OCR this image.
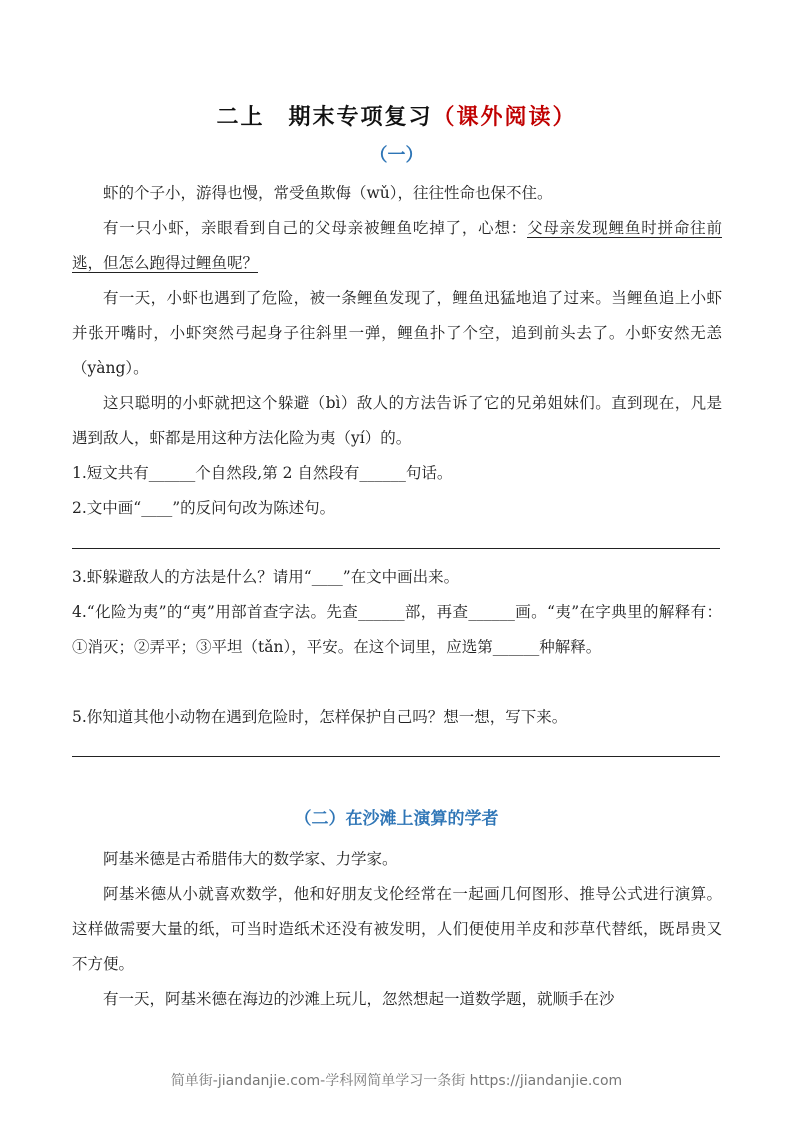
二上　期末专项复习（课外阅读）
（一）
虾的个子小，游得也慢，常受鱼欺侮（wǔ），往往性命也保不住。
有一只小虾，亲眼看到自己的父母亲被鲤鱼吃掉了，心想：父母亲发现鲤鱼时拼命往前逃，但怎么跑得过鲤鱼呢？
有一天，小虾也遇到了危险，被一条鲤鱼发现了，鲤鱼迅猛地追了过来。当鲤鱼追上小虾并张开嘴时，小虾突然弓起身子往斜里一弹，鲤鱼扑了个空，追到前头去了。小虾安然无恙（yàng）。
这只聪明的小虾就把这个躲避（bì）敌人的方法告诉了它的兄弟姐妹们。直到现在，凡是遇到敌人，虾都是用这种方法化险为夷（yí）的。
1.短文共有______个自然段,第 2 自然段有______句话。
2.文中画“____”的反问句改为陈述句。
3.虾躲避敌人的方法是什么？请用“____”在文中画出来。
4.“化险为夷”的“夷”用部首查字法。先查______部，再查______画。“夷”在字典里的解释有：①消灭；②弄平；③平坦（tǎn），平安。在这个词里，应选第______种解释。
5.你知道其他小动物在遇到危险时，怎样保护自己吗？想一想，写下来。
（二）在沙滩上演算的学者
阿基米德是古希腊伟大的数学家、力学家。
阿基米德从小就喜欢数学，他和好朋友戈伦经常在一起画几何图形、推导公式进行演算。这样做需要大量的纸，可当时造纸术还没有被发明，人们便使用羊皮和莎草代替纸，既昂贵又不方便。
有一天，阿基米德在海边的沙滩上玩儿，忽然想起一道数学题，就顺手在沙
简单街-jiandanjie.com-学科网简单学习一条街 https://jiandanjie.com
